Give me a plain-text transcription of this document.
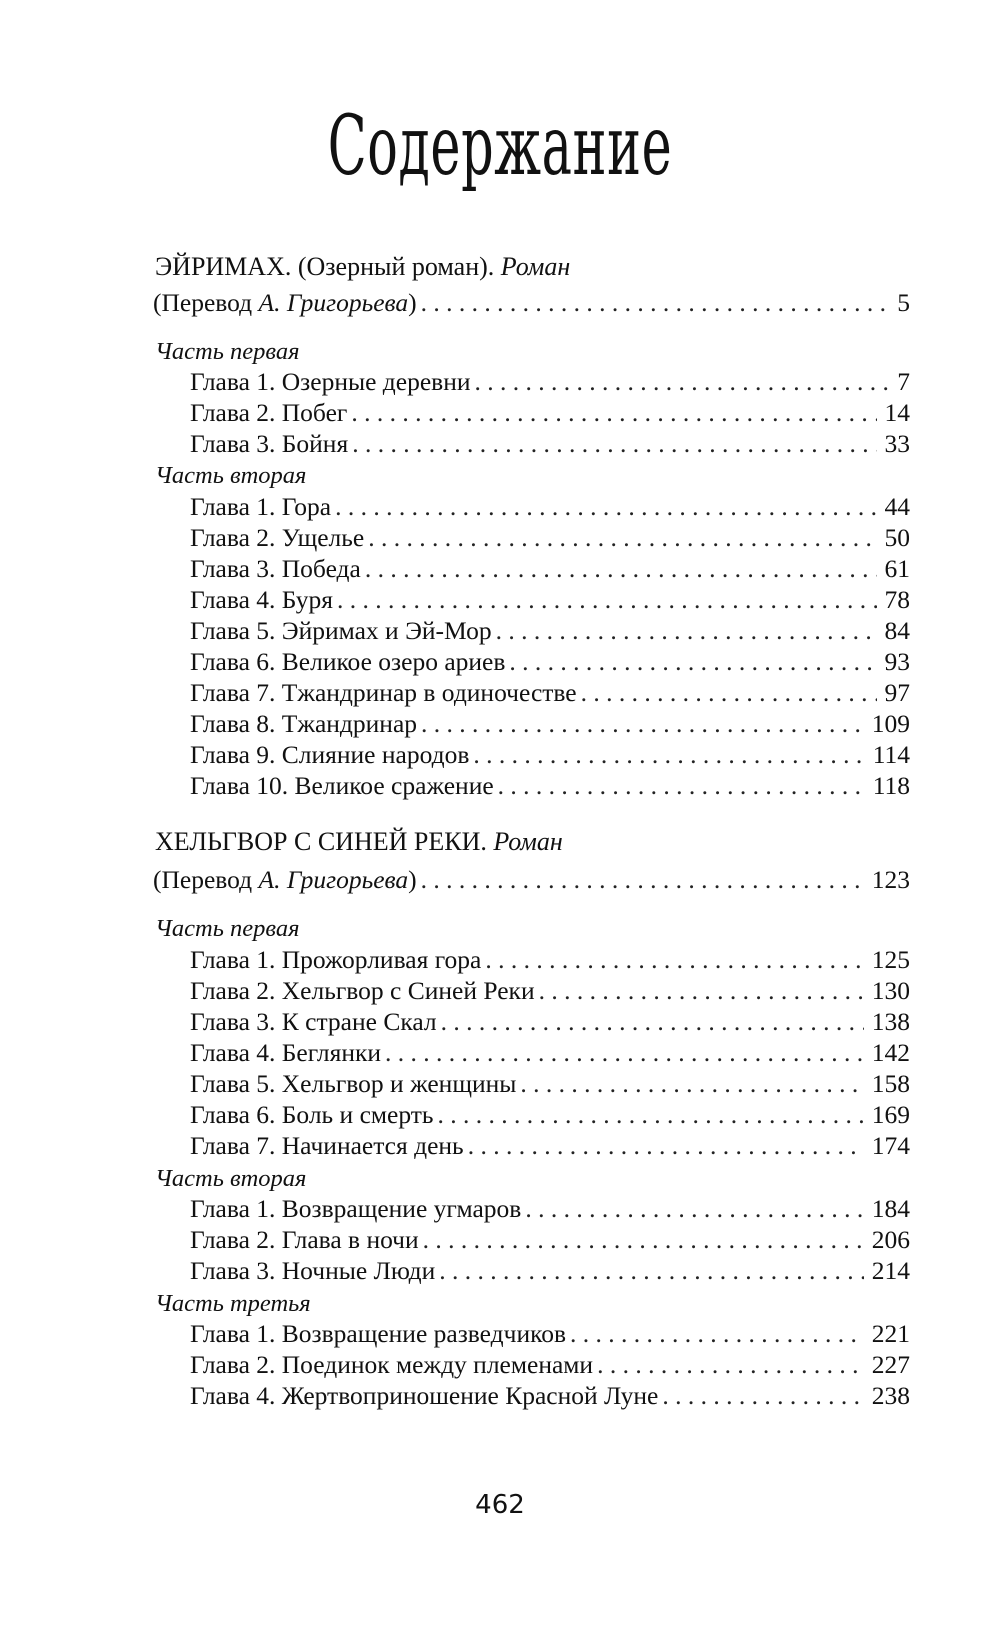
Содержание
ЭЙРИМАХ. (Озерный роман). Роман
(Перевод А. Григорьева) . . .	5
Часть первая
Глава 1. Озерные деревни . . .	7
Глава 2. Побег . . .	14
Глава 3. Бойня . . .	33
Часть вторая
Глава 1. Гора . . .	44
Глава 2. Ущелье . . .	50
Глава 3. Победа . . .	61
Глава 4. Буря . . .	78
Глава 5. Эйримах и Эй-Мор . . .	84
Глава 6. Великое озеро ариев . . .	93
Глава 7. Тжандринар в одиночестве . . .	97
Глава 8. Тжандринар . . .	109
Глава 9. Слияние народов . . .	114
Глава 10. Великое сражение . . .	118
ХЕЛЬГВОР С СИНЕЙ РЕКИ. Роман
(Перевод А. Григорьева) . . .	123
Часть первая
Глава 1. Прожорливая гора . . .	125
Глава 2. Хельгвор с Синей Реки . . .	130
Глава 3. К стране Скал . . .	138
Глава 4. Беглянки . . .	142
Глава 5. Хельгвор и женщины . . .	158
Глава 6. Боль и смерть . . .	169
Глава 7. Начинается день . . .	174
Часть вторая
Глава 1. Возвращение угмаров . . .	184
Глава 2. Глава в ночи . . .	206
Глава 3. Ночные Люди . . .	214
Часть третья
Глава 1. Возвращение разведчиков . . .	221
Глава 2. Поединок между племенами . . .	227
Глава 4. Жертвоприношение Красной Луне . . .	238
462
